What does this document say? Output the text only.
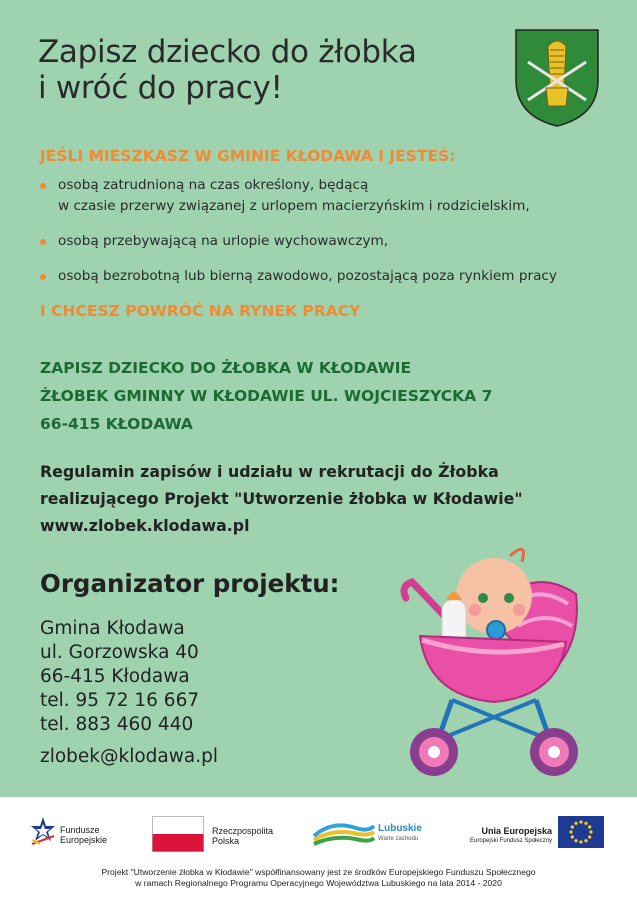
Zapisz dziecko do żłobka
i wróć do pracy!
JEŚLI MIESZKASZ W GMINIE KŁODAWA I JESTEŚ:
osobą zatrudnioną na czas określony, będącą
w czasie przerwy związanej z urlopem macierzyńskim i rodzicielskim,
osobą przebywającą na urlopie wychowawczym,
osobą bezrobotną lub bierną zawodowo, pozostającą poza rynkiem pracy
I CHCESZ POWRÓĆ NA RYNEK PRACY
ZAPISZ DZIECKO DO ŻŁOBKA W KŁODAWIE
ŻŁOBEK GMINNY W KŁODAWIE UL. WOJCIESZYCKA 7
66-415 KŁODAWA
Regulamin zapisów i udziału w rekrutacji do Żłobka
realizującego Projekt "Utworzenie żłobka w Kłodawie"
www.zlobek.klodawa.pl
Organizator projektu:
Gmina Kłodawa
ul. Gorzowska 40
66-415 Kłodawa
tel. 95 72 16 667
tel. 883 460 440
zlobek@klodawa.pl
Fundusze
Europejskie
Rzeczpospolita
Polska
Lubuskie
Warte zachodu
Unia Europejska
Europejski Fundusz Społeczny
Projekt "Utworzenie żłobka w Kłodawie" współfinansowany jest ze środków Europejskiego Funduszu Społecznego
w ramach Regionalnego Programu Operacyjnego Województwa Lubuskiego na lata 2014 - 2020
